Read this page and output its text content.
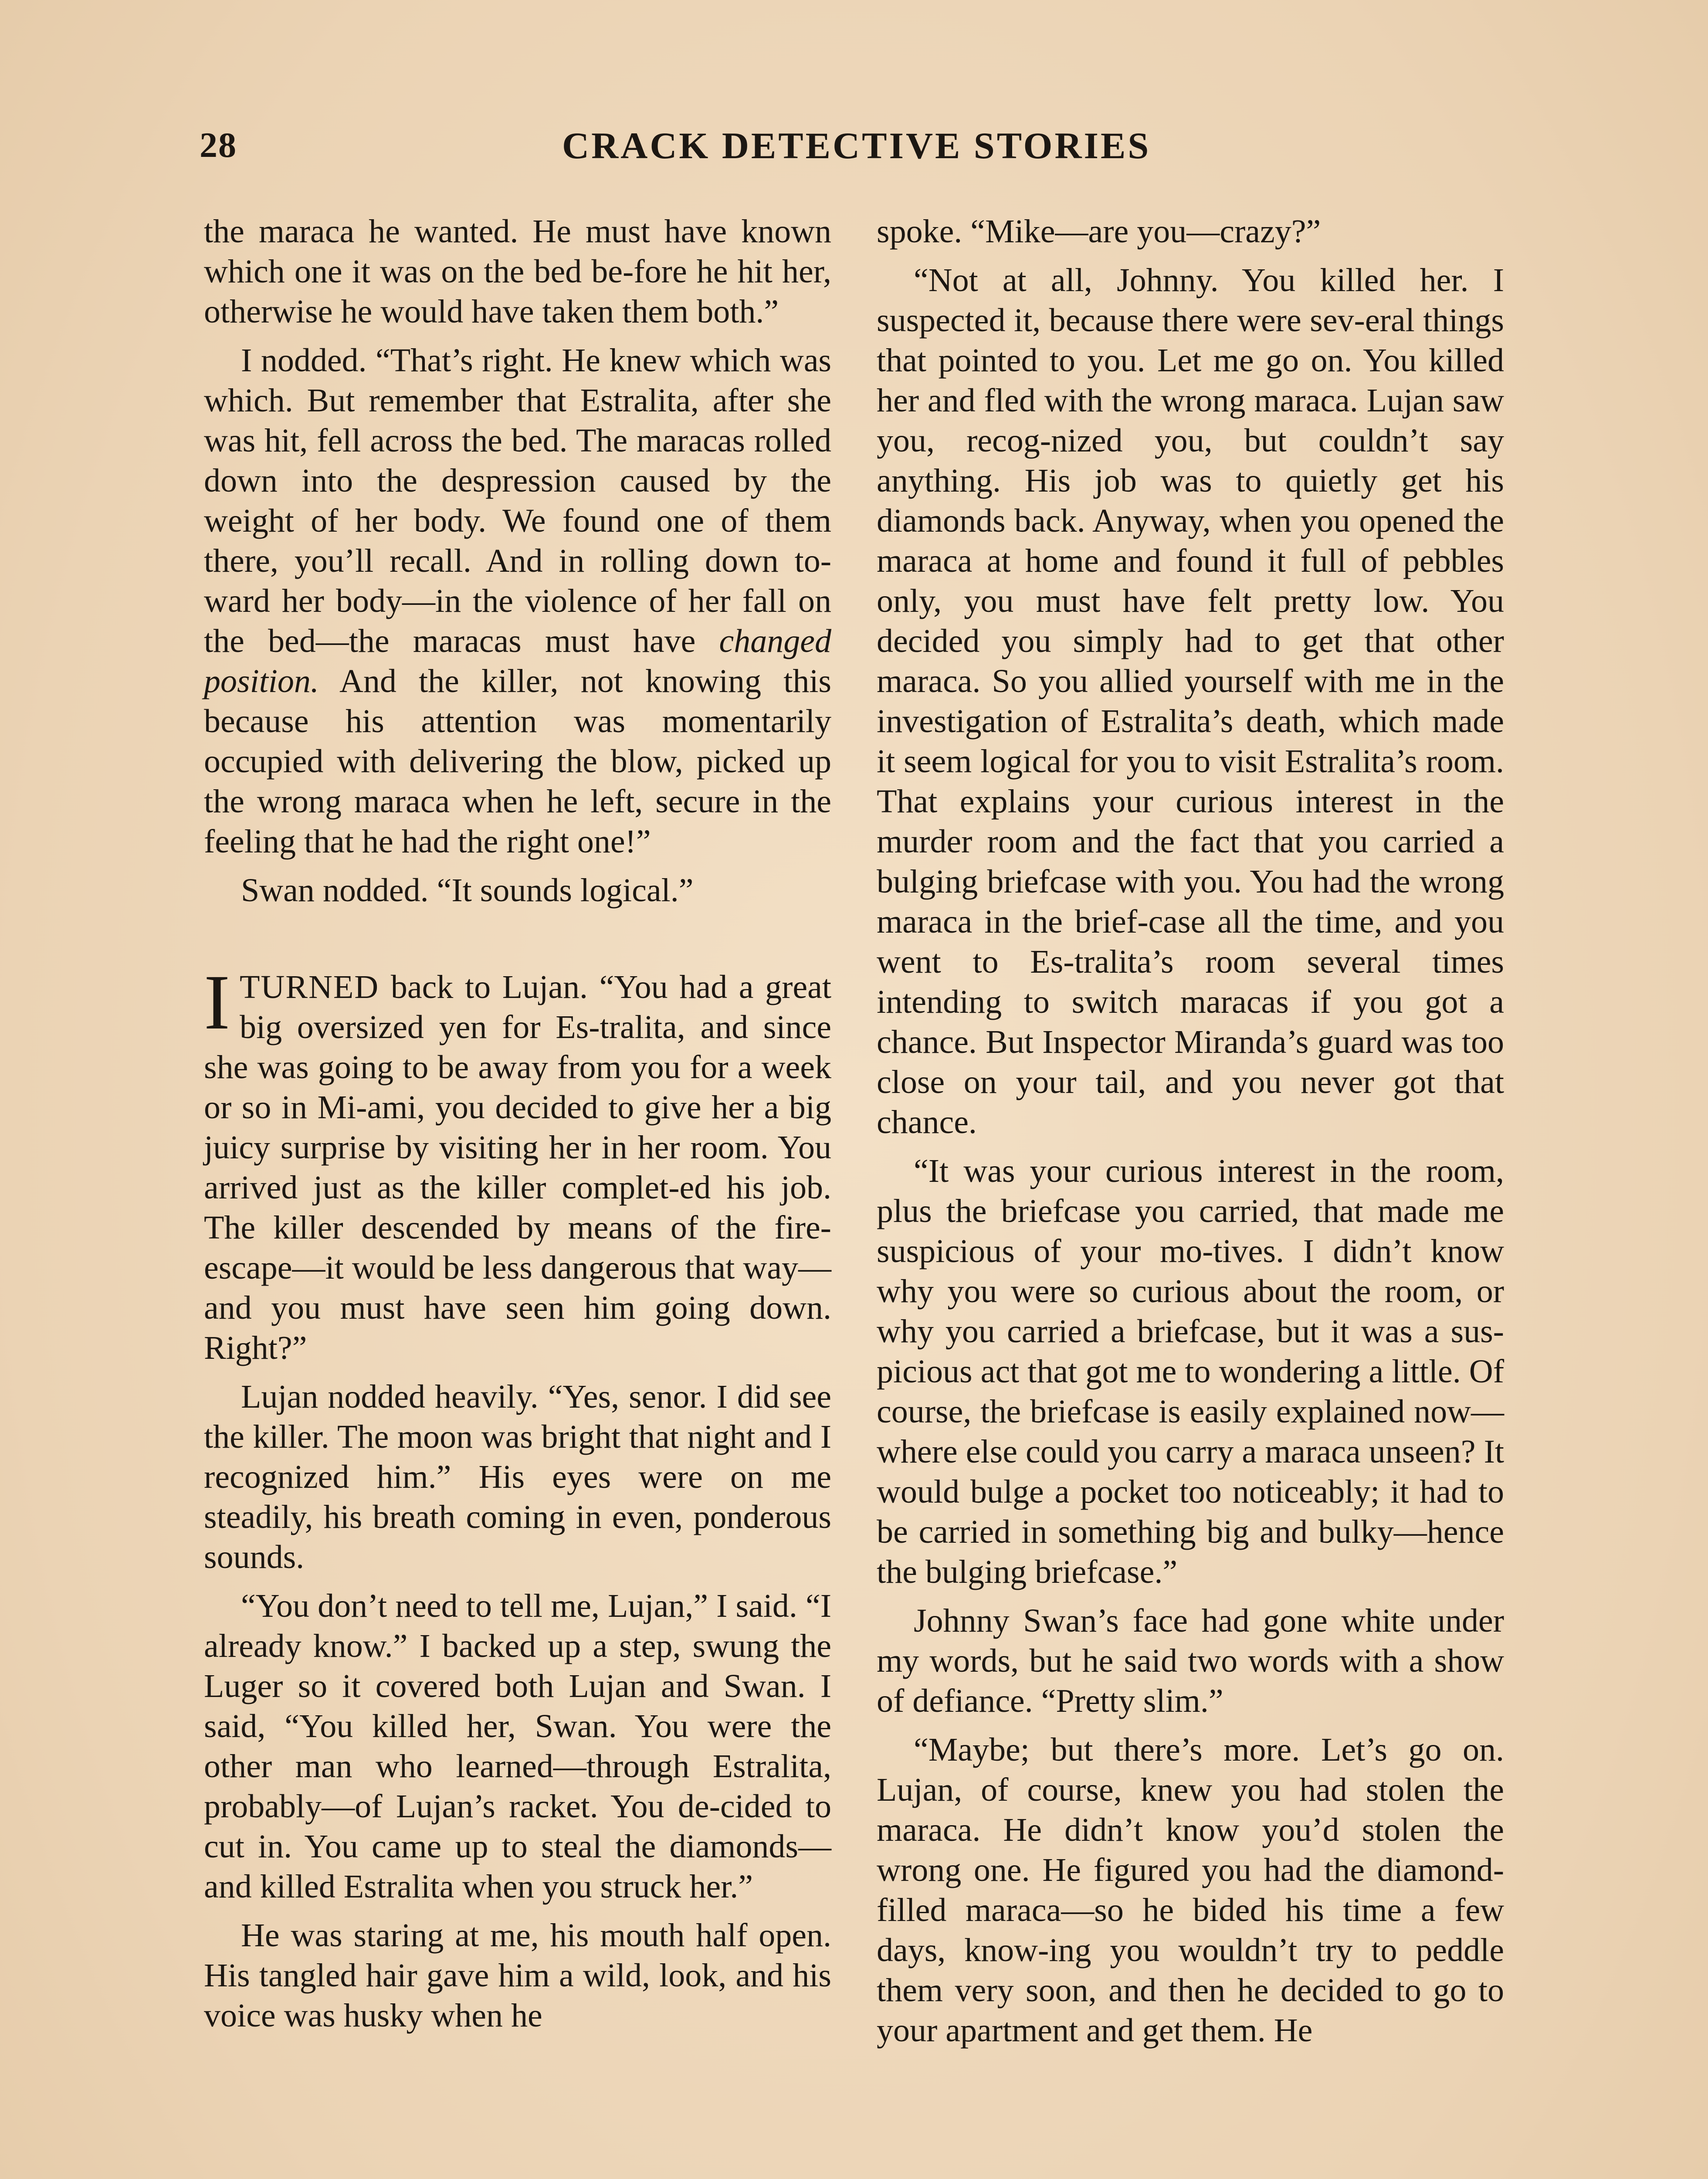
28	CRACK DETECTIVE STORIES

the maraca he wanted. He must have known which one it was on the bed be-fore he hit her, otherwise he would have taken them both.”

I nodded. “That’s right. He knew which was which. But remember that Estralita, after she was hit, fell across the bed. The maracas rolled down into the despression caused by the weight of her body. We found one of them there, you’ll recall. And in rolling down to-ward her body—in the violence of her fall on the bed—the maracas must have changed position. And the killer, not knowing this because his attention was momentarily occupied with delivering the blow, picked up the wrong maraca when he left, secure in the feeling that he had the right one!”

Swan nodded. “It sounds logical.”

ITURNED back to Lujan. “You had a great big oversized yen for Es-tralita, and since she was going to be away from you for a week or so in Mi-ami, you decided to give her a big juicy surprise by visiting her in her room. You arrived just as the killer complet-ed his job. The killer descended by means of the fire-escape—it would be less dangerous that way—and you must have seen him going down. Right?”

Lujan nodded heavily. “Yes, senor. I did see the killer. The moon was bright that night and I recognized him.” His eyes were on me steadily, his breath coming in even, ponderous sounds.

“You don’t need to tell me, Lujan,” I said. “I already know.” I backed up a step, swung the Luger so it covered both Lujan and Swan. I said, “You killed her, Swan. You were the other man who learned—through Estralita, probably—of Lujan’s racket. You de-cided to cut in. You came up to steal the diamonds—and killed Estralita when you struck her.”

He was staring at me, his mouth half open. His tangled hair gave him a wild, look, and his voice was husky when he

spoke. “Mike—are you—crazy?”

“Not at all, Johnny. You killed her. I suspected it, because there were sev-eral things that pointed to you. Let me go on. You killed her and fled with the wrong maraca. Lujan saw you, recog-nized you, but couldn’t say anything. His job was to quietly get his diamonds back. Anyway, when you opened the maraca at home and found it full of pebbles only, you must have felt pretty low. You decided you simply had to get that other maraca. So you allied yourself with me in the investigation of Estralita’s death, which made it seem logical for you to visit Estralita’s room. That explains your curious interest in the murder room and the fact that you carried a bulging briefcase with you. You had the wrong maraca in the brief-case all the time, and you went to Es-tralita’s room several times intending to switch maracas if you got a chance. But Inspector Miranda’s guard was too close on your tail, and you never got that chance.

“It was your curious interest in the room, plus the briefcase you carried, that made me suspicious of your mo-tives. I didn’t know why you were so curious about the room, or why you carried a briefcase, but it was a sus-picious act that got me to wondering a little. Of course, the briefcase is easily explained now—where else could you carry a maraca unseen? It would bulge a pocket too noticeably; it had to be carried in something big and bulky—hence the bulging briefcase.”

Johnny Swan’s face had gone white under my words, but he said two words with a show of defiance. “Pretty slim.”

“Maybe; but there’s more. Let’s go on. Lujan, of course, knew you had stolen the maraca. He didn’t know you’d stolen the wrong one. He figured you had the diamond-filled maraca—so he bided his time a few days, know-ing you wouldn’t try to peddle them very soon, and then he decided to go to your apartment and get them. He
